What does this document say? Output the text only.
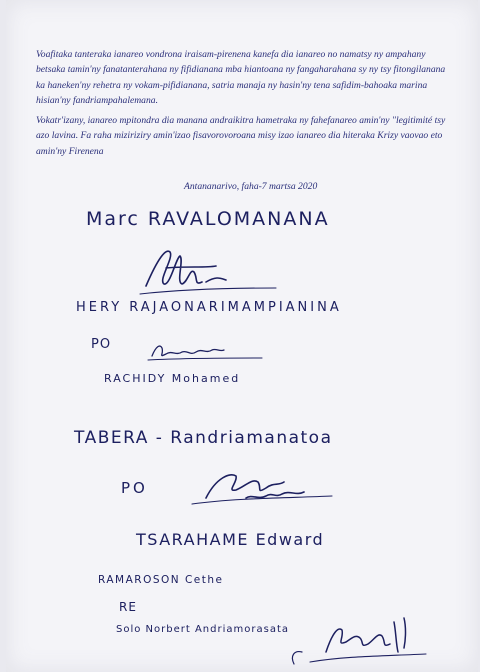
Voafitaka tanteraka ianareo vondrona iraisam-pirenena kanefa dia ianareo no namatsy ny ampahany betsaka tamin'ny fanatanterahana ny fifidianana mba hiantoana ny fangaharahana sy ny tsy fitongilanana ka haneken'ny rehetra ny vokam-pifidianana, satria manaja ny hasin'ny tena safidim-bahoaka marina hisian'ny fandriampahalemana.

Vokatr'izany, ianareo mpitondra dia manana andraikitra hametraka ny fahefanareo amin'ny "legitimité tsy azo lavina. Fa raha miziriziry amin'izao fisavorovoroana misy izao ianareo dia hiteraka Krizy vaovao eto amin'ny Firenena

Antananarivo, faha-7 martsa 2020
Marc RAVALOMANANA
HERY RAJAONARIMAMPIANINA
PO
RACHIDY Mohamed
TABERA - Randriamanatoa
PO
TSARAHAME Edward
RAMAROSON Cethe
RE
Solo Norbert Andriamorasata
